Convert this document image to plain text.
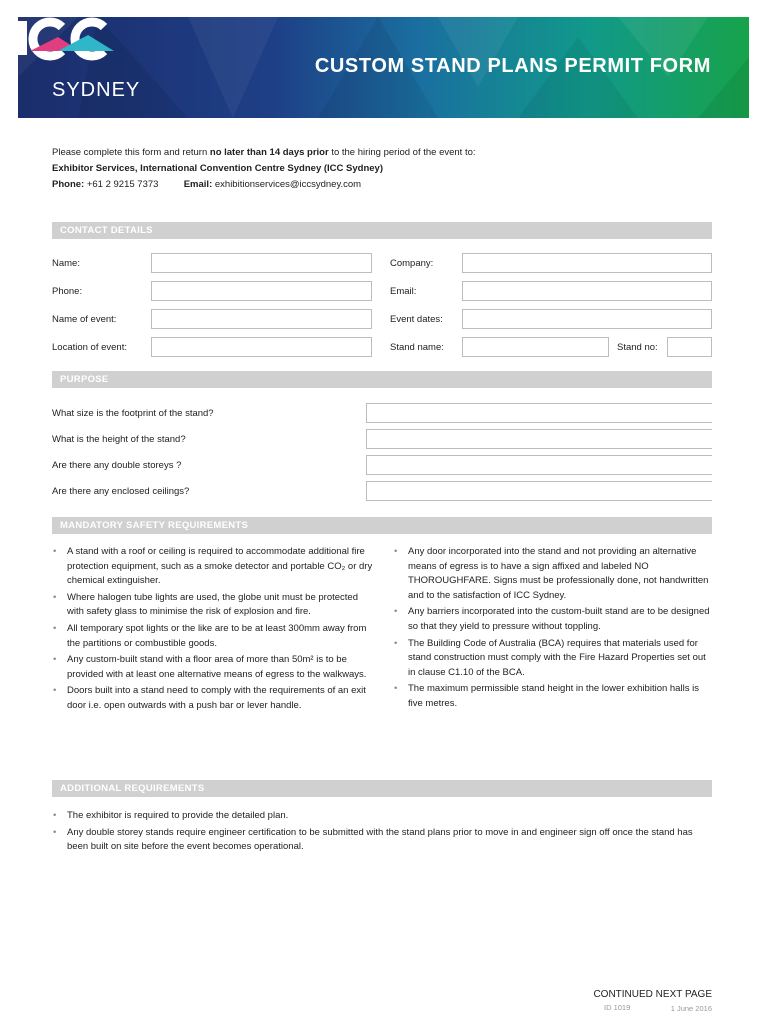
SYDNEY
CUSTOM STAND PLANS PERMIT FORM

Please complete this form and return no later than 14 days prior to the hiring period of the event to:

Exhibitor Services, International Convention Centre Sydney (ICC Sydney)

Phone: +61 2 9215 7373	Email: exhibitionservices@iccsydney.com

CONTACT DETAILS
Name:	Company:
Phone:	Email:
Name of event:	Event dates:
Location of event:	Stand name:	Stand no:
PURPOSE
What size is the footprint of the stand?
What is the height of the stand?
Are there any double storeys ?
Are there any enclosed ceilings?
MANDATORY SAFETY REQUIREMENTS
• A stand with a roof or ceiling is required to accommodate additional fire protection equipment, such as a smoke detector and portable CO₂ or dry chemical extinguisher.
• Where halogen tube lights are used, the globe unit must be protected with safety glass to minimise the risk of explosion and fire.
• All temporary spot lights or the like are to be at least 300mm away from the partitions or combustible goods.
• Any custom-built stand with a floor area of more than 50m² is to be provided with at least one alternative means of egress to the walkways.
• Doors built into a stand need to comply with the requirements of an exit door i.e. open outwards with a push bar or lever handle.
• Any door incorporated into the stand and not providing an alternative means of egress is to have a sign affixed and labeled NO THOROUGHFARE. Signs must be professionally done, not handwritten and to the satisfaction of ICC Sydney.
• Any barriers incorporated into the custom-built stand are to be designed so that they yield to pressure without toppling.
• The Building Code of Australia (BCA) requires that materials used for stand construction must comply with the Fire Hazard Properties set out in clause C1.10 of the BCA.
• The maximum permissible stand height in the lower exhibition halls is five metres.
ADDITIONAL REQUIREMENTS
• The exhibitor is required to provide the detailed plan.
• Any double storey stands require engineer certification to be submitted with the stand plans prior to move in and engineer sign off once the stand has been built on site before the event becomes operational.
CONTINUED NEXT PAGE
ID 1019	1 June 2016
